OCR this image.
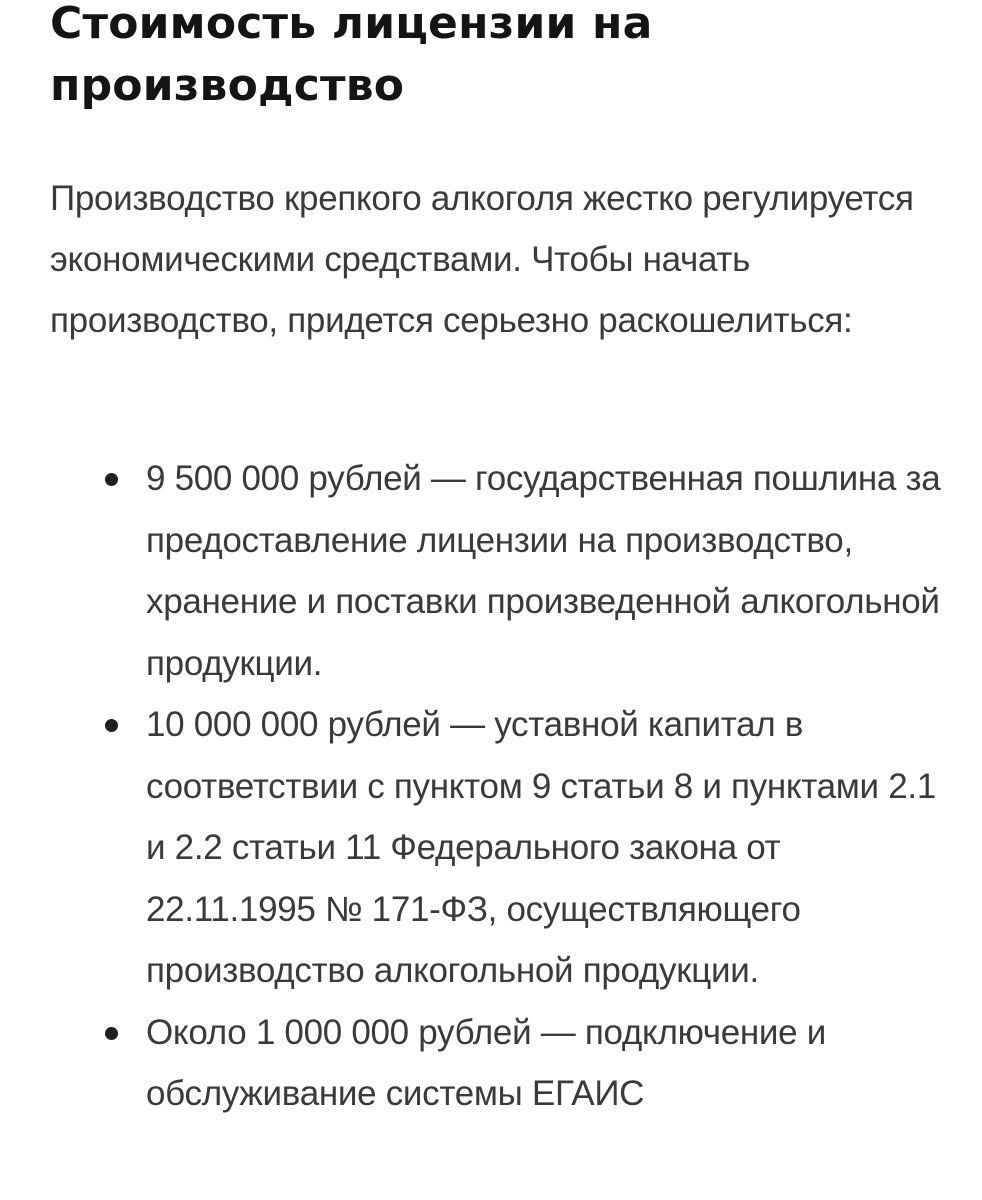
Стоимость лицензии на производство

Производство крепкого алкоголя жестко регулируется экономическими средствами. Чтобы начать производство, придется серьезно раскошелиться:

9 500 000 рублей — государственная пошлина за предоставление лицензии на производство, хранение и поставки произведенной алкогольной продукции.
10 000 000 рублей — уставной капитал в соответствии с пунктом 9 статьи 8 и пунктами 2.1 и 2.2 статьи 11 Федерального закона от 22.11.1995 № 171-ФЗ, осуществляющего производство алкогольной продукции.
Около 1 000 000 рублей — подключение и обслуживание системы ЕГАИС
